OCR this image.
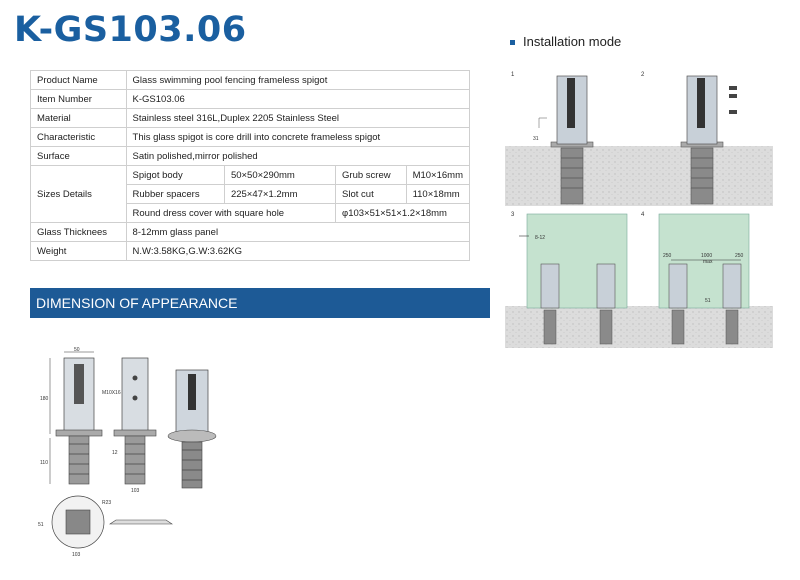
K-GS103.06	Installation mode
Product Name	Glass swimming pool fencing frameless spigot			
Item Number	K-GS103.06			
Material	Stainless steel 316L,Duplex 2205 Stainless Steel			
Characteristic	This glass spigot is core drill into concrete frameless spigot			
Surface	Satin polished,mirror polished			
Sizes Details	Spigot body	50×50×290mm	Grub screw	M10×16mm
	Rubber spacers	225×47×1.2mm	Slot cut	110×18mm
	Round dress cover with square hole		φ103×51×51×1.2×18mm	
Glass Thicknees	8-12mm glass panel			
Weight	N.W:3.58KG,G.W:3.62KG			
DIMENSION OF APPEARANCE
1	2
3	4
31
8-12
250	1000	250
max
51
50
180
110
M10X16
12
103
R23
103
51
